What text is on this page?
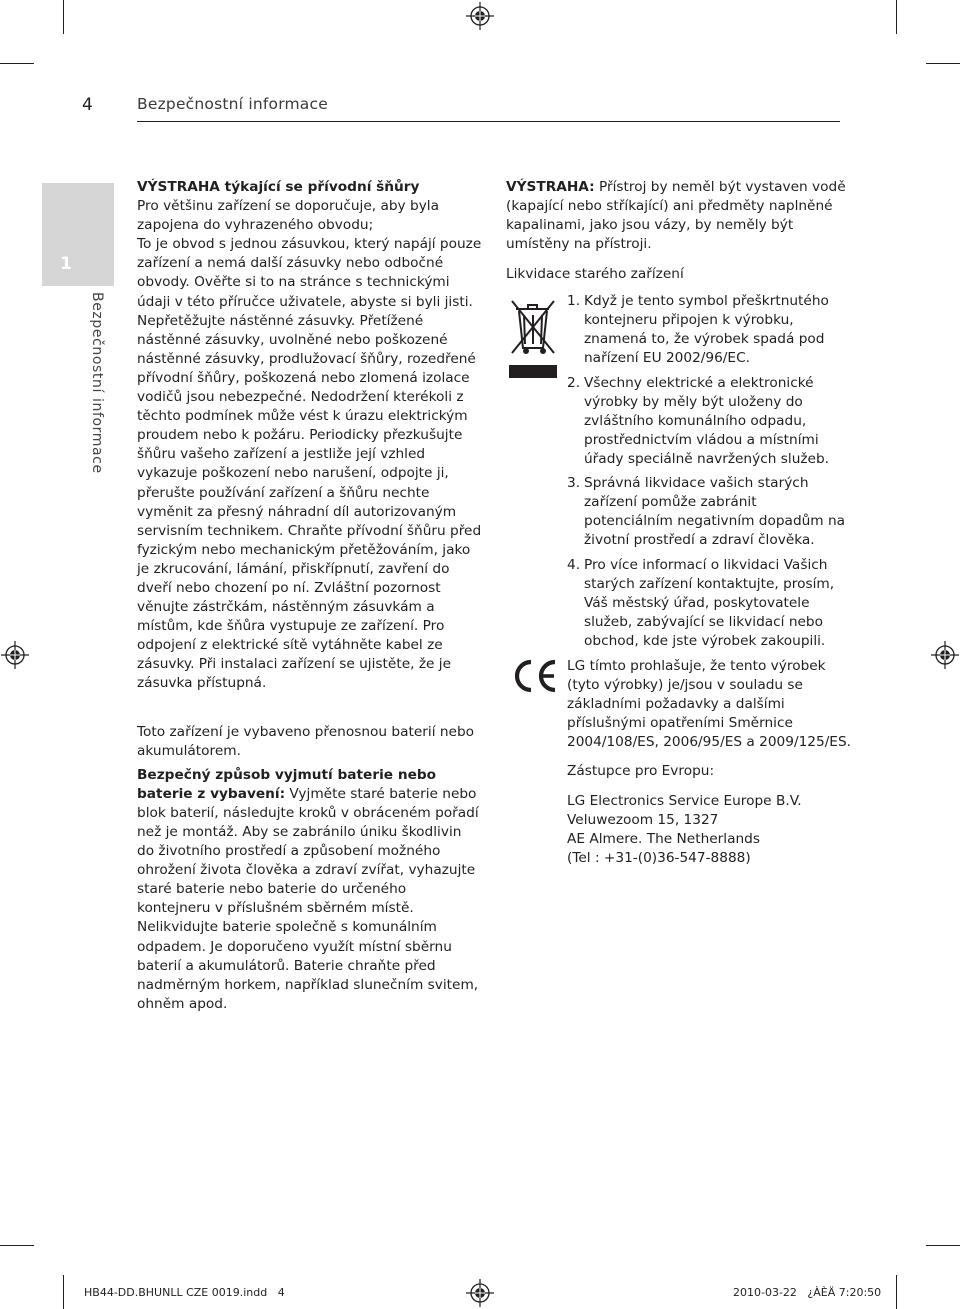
4	Bezpečnostní informace
1
Bezpečnostní informace

VÝSTRAHA týkající se přívodní šňůry

Pro většinu zařízení se doporučuje, aby byla zapojena do vyhrazeného obvodu;

To je obvod s jednou zásuvkou, který napájí pouze zařízení a nemá další zásuvky nebo odbočné obvody. Ověřte si to na stránce s technickými údaji v této příručce uživatele, abyste si byli jisti. Nepřetěžujte nástěnné zásuvky. Přetížené nástěnné zásuvky, uvolněné nebo poškozené nástěnné zásuvky, prodlužovací šňůry, rozedřené přívodní šňůry, poškozená nebo zlomená izolace vodičů jsou nebezpečné. Nedodržení kterékoli z těchto podmínek může vést k úrazu elektrickým proudem nebo k požáru. Periodicky přezkušujte šňůru vašeho zařízení a jestliže její vzhled vykazuje poškození nebo narušení, odpojte ji, přerušte používání zařízení a šňůru nechte vyměnit za přesný náhradní díl autorizovaným servisním technikem. Chraňte přívodní šňůru před fyzickým nebo mechanickým přetěžováním, jako je zkrucování, lámání, přiskřípnutí, zavření do dveří nebo chození po ní. Zvláštní pozornost věnujte zástrčkám, nástěnným zásuvkám a místům, kde šňůra vystupuje ze zařízení. Pro odpojení z elektrické sítě vytáhněte kabel ze zásuvky. Při instalaci zařízení se ujistěte, že je zásuvka přístupná.

Toto zařízení je vybaveno přenosnou baterií nebo akumulátorem.

Bezpečný způsob vyjmutí baterie nebo baterie z vybavení: Vyjměte staré baterie nebo blok baterií, následujte kroků v obráceném pořadí než je montáž. Aby se zabránilo úniku škodlivin do životního prostředí a způsobení možného ohrožení života člověka a zdraví zvířat, vyhazujte staré baterie nebo baterie do určeného kontejneru v příslušném sběrném místě. Nelikvidujte baterie společně s komunálním odpadem. Je doporučeno využít místní sběrnu baterií a akumulátorů. Baterie chraňte před nadměrným horkem, například slunečním svitem, ohněm apod.

VÝSTRAHA: Přístroj by neměl být vystaven vodě (kapající nebo stříkající) ani předměty naplněné kapalinami, jako jsou vázy, by neměly být umístěny na přístroji.

Likvidace starého zařízení

1. Když je tento symbol přeškrtnutého kontejneru připojen k výrobku, znamená to, že výrobek spadá pod nařízení EU 2002/96/EC.
2. Všechny elektrické a elektronické výrobky by měly být uloženy do zvláštního komunálního odpadu, prostřednictvím vládou a místními úřady speciálně navržených služeb.
3. Správná likvidace vašich starých zařízení pomůže zabránit potenciálním negativním dopadům na životní prostředí a zdraví člověka.
4. Pro více informací o likvidaci Vašich starých zařízení kontaktujte, prosím, Váš městský úřad, poskytovatele služeb, zabývající se likvidací nebo obchod, kde jste výrobek zakoupili.

LG tímto prohlašuje, že tento výrobek (tyto výrobky) je/jsou v souladu se základními požadavky a dalšími příslušnými opatřeními Směrnice 2004/108/ES, 2006/95/ES a 2009/125/ES.

Zástupce pro Evropu:

LG Electronics Service Europe B.V.

Veluwezoom 15, 1327

AE Almere. The Netherlands

(Tel : +31-(0)36-547-8888)

HB44-DD.BHUNLL CZE 0019.indd   4	2010-03-22   ¿ÀÈÄ 7:20:50
